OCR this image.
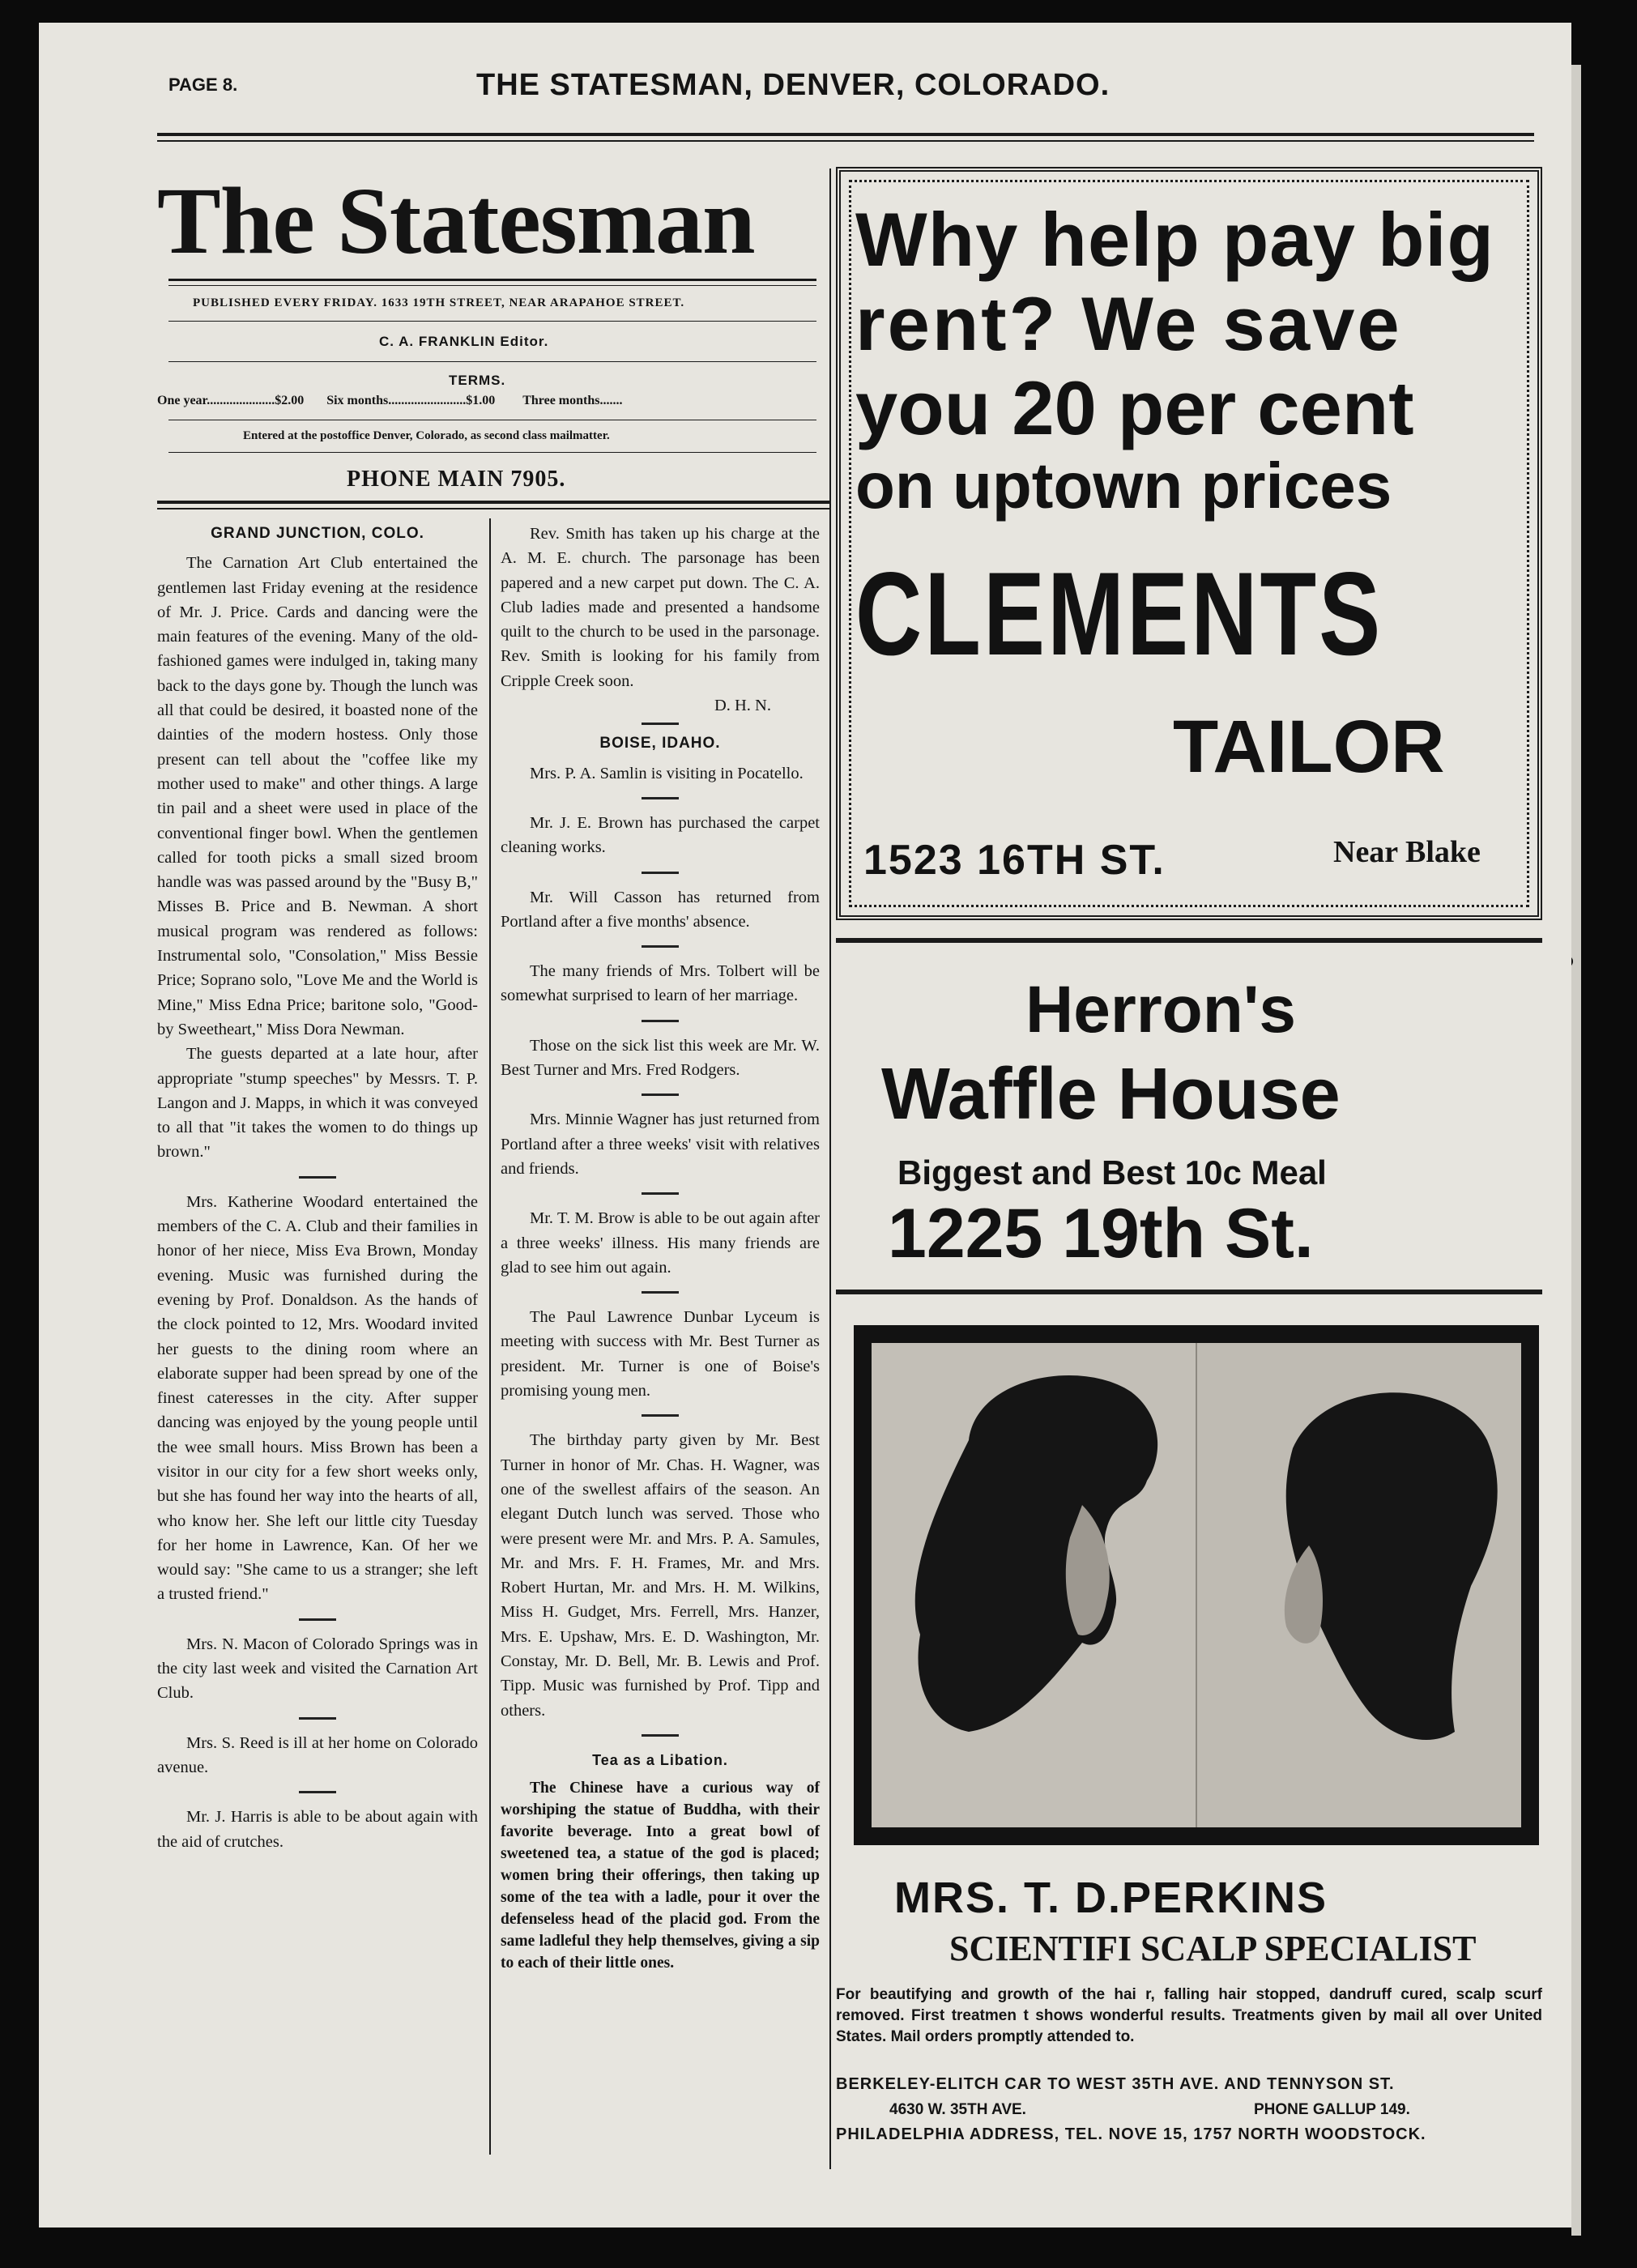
PAGE 8.	THE STATESMAN, DENVER, COLORADO.
The Statesman
PUBLISHED EVERY FRIDAY. 1633 19TH STREET, NEAR ARAPAHOE STREET.
C. A. FRANKLIN Editor.
TERMS.
One year.....................$2.00 Six months........................$1.00 Three months.......
Entered at the postoffice Denver, Colorado, as second class mailmatter.
PHONE MAIN 7905.

GRAND JUNCTION, COLO.

The Carnation Art Club entertained the gentlemen last Friday evening at the residence of Mr. J. Price. Cards and dancing were the main features of the evening. Many of the old-fashioned games were indulged in, taking many back to the days gone by. Though the lunch was all that could be desired, it boasted none of the dainties of the modern hostess. Only those present can tell about the "coffee like my mother used to make" and other things. A large tin pail and a sheet were used in place of the conventional finger bowl. When the gentlemen called for tooth picks a small sized broom handle was was passed around by the "Busy B," Misses B. Price and B. Newman. A short musical program was rendered as follows: Instrumental solo, "Consolation," Miss Bessie Price; Soprano solo, "Love Me and the World is Mine," Miss Edna Price; baritone solo, "Good-by Sweetheart," Miss Dora Newman.

The guests departed at a late hour, after appropriate "stump speeches" by Messrs. T. P. Langon and J. Mapps, in which it was conveyed to all that "it takes the women to do things up brown."

Mrs. Katherine Woodard entertained the members of the C. A. Club and their families in honor of her niece, Miss Eva Brown, Monday evening. Music was furnished during the evening by Prof. Donaldson. As the hands of the clock pointed to 12, Mrs. Woodard invited her guests to the dining room where an elaborate supper had been spread by one of the finest cateresses in the city. After supper dancing was enjoyed by the young people until the wee small hours. Miss Brown has been a visitor in our city for a few short weeks only, but she has found her way into the hearts of all, who know her. She left our little city Tuesday for her home in Lawrence, Kan. Of her we would say: "She came to us a stranger; she left a trusted friend."

Mrs. N. Macon of Colorado Springs was in the city last week and visited the Carnation Art Club.

Mrs. S. Reed is ill at her home on Colorado avenue.

Mr. J. Harris is able to be about again with the aid of crutches.

Rev. Smith has taken up his charge at the A. M. E. church. The parsonage has been papered and a new carpet put down. The C. A. Club ladies made and presented a handsome quilt to the church to be used in the parsonage. Rev. Smith is looking for his family from Cripple Creek soon.

D. H. N.

BOISE, IDAHO.

Mrs. P. A. Samlin is visiting in Pocatello.

Mr. J. E. Brown has purchased the carpet cleaning works.

Mr. Will Casson has returned from Portland after a five months' absence.

The many friends of Mrs. Tolbert will be somewhat surprised to learn of her marriage.

Those on the sick list this week are Mr. W. Best Turner and Mrs. Fred Rodgers.

Mrs. Minnie Wagner has just returned from Portland after a three weeks' visit with relatives and friends.

Mr. T. M. Brow is able to be out again after a three weeks' illness. His many friends are glad to see him out again.

The Paul Lawrence Dunbar Lyceum is meeting with success with Mr. Best Turner as president. Mr. Turner is one of Boise's promising young men.

The birthday party given by Mr. Best Turner in honor of Mr. Chas. H. Wagner, was one of the swellest affairs of the season. An elegant Dutch lunch was served. Those who were present were Mr. and Mrs. P. A. Samules, Mr. and Mrs. F. H. Frames, Mr. and Mrs. Robert Hurtan, Mr. and Mrs. H. M. Wilkins, Miss H. Gudget, Mrs. Ferrell, Mrs. Hanzer, Mrs. E. Upshaw, Mrs. E. D. Washington, Mr. Constay, Mr. D. Bell, Mr. B. Lewis and Prof. Tipp. Music was furnished by Prof. Tipp and others.

Tea as a Libation.

The Chinese have a curious way of worshiping the statue of Buddha, with their favorite beverage. Into a great bowl of sweetened tea, a statue of the god is placed; women bring their offerings, then taking up some of the tea with a ladle, pour it over the defenseless head of the placid god. From the same ladleful they help themselves, giving a sip to each of their little ones.

Why help pay big
rent? We save
you 20 per cent
on uptown prices
CLEMENTS
TAILOR
1523 16TH ST.	Near Blake
Herron's
Waffle House
Biggest and Best 10c Meal
1225 19th St.
MRS. T. D.PERKINS
SCIENTIFI SCALP SPECIALIST
For beautifying and growth of the hai r, falling hair stopped, dandruff cured, scalp scurf removed. First treatmen t shows wonderful results. Treatments given by mail all over United States. Mail orders promptly attended to.
BERKELEY-ELITCH CAR TO WEST 35TH AVE. AND TENNYSON ST.
4630 W. 35TH AVE.	PHONE GALLUP 149.
PHILADELPHIA ADDRESS, TEL. NOVE 15, 1757 NORTH WOODSTOCK.
